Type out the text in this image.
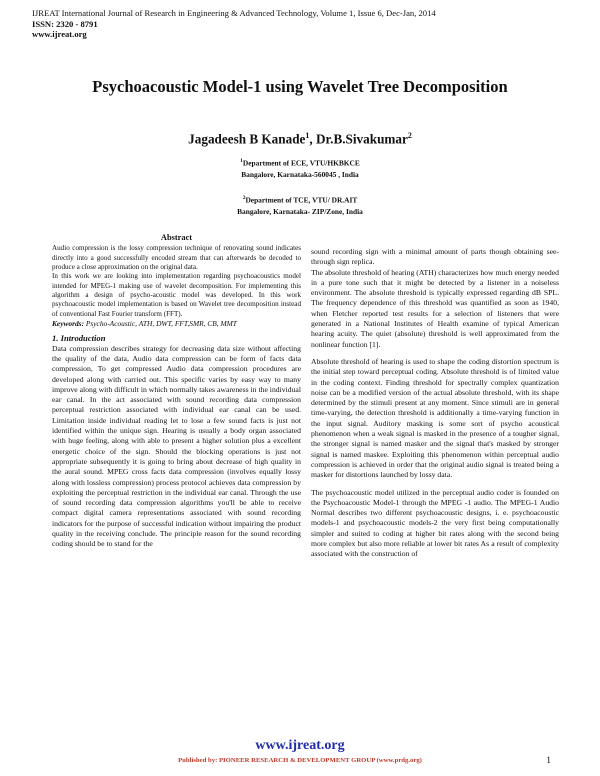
IJREAT International Journal of Research in Engineering & Advanced Technology, Volume 1, Issue 6, Dec-Jan, 2014
ISSN: 2320 - 8791
www.ijreat.org
Psychoacoustic Model-1 using Wavelet Tree Decomposition
Jagadeesh B Kanade$^1$, Dr.B.Sivakumar$^2$
$^1$Department of ECE, VTU/HKBKCE
Bangalore, Karnataka-560045 , India
$^2$Department of TCE, VTU/ DR.AIT
Bangalore, Karnataka- ZIP/Zone, India
Abstract

Audio compression is the lossy compression technique of renovating sound indicates directly into a good successfully encoded stream that can afterwards be decoded to produce a close approximation on the original data.

In this work we are looking into implementation regarding psychoacoustics model intended for MPEG-1 making use of wavelet decomposition. For implementing this algorithm a design of psycho-acoustic model was developed. In this work psychoacoustic model implementation is based on Wavelet tree decomposition instead of conventional Fast Fourier transform (FFT).

Keywords: Psycho-Acoustic, ATH, DWT, FFT,SMR, CB, MMT

1. Introduction

Data compression describes strategy for decreasing data size without affecting the quality of the data, Audio data compression can be form of facts data compression, To get compressed Audio data compression procedures are developed along with carried out. This specific varies by easy way to many improve along with difficult in which normally takes awareness in the individual ear canal. In the act associated with sound recording data compression perceptual restriction associated with individual ear canal can be used. Limitation inside individual reading let to lose a few sound facts is just not identified within the unique sign. Hearing is usually a body organ associated with huge feeling, along with able to present a higher solution plus a excellent energetic choice of the sign. Should the blocking operations is just not appropriate subsequently it is going to bring about decrease of high quality in the aural sound. MPEG cross facts data compression (involves equally lossy along with lossless compression) process protocol achieves data compression by exploiting the perceptual restriction in the individual ear canal. Through the use of sound recording data compression algorithms you'll be able to receive compact digital camera representations associated with sound recording indicators for the purpose of successful indication without impairing the product quality in the receiving conclude. The principle reason for the sound recording coding should be to stand for the

sound recording sign with a minimal amount of parts though obtaining see-through sign replica.

The absolute threshold of hearing (ATH) characterizes how much energy needed in a pure tone such that it might be detected by a listener in a noiseless environment. The absolute threshold is typically expressed regarding dB SPL. The frequency dependence of this threshold was quantified as soon as 1940, when Fletcher reported test results for a selection of listeners that were generated in a National Institutes of Health examine of typical American hearing acuity. The quiet (absolute) threshold is well approximated from the nonlinear function [1].

Absolute threshold of hearing is used to shape the coding distortion spectrum is the initial step toward perceptual coding. Absolute threshold is of limited value in the coding context. Finding threshold for spectrally complex quantization noise can be a modified version of the actual absolute threshold, with its shape determined by the stimuli present at any moment. Since stimuli are in general time-varying, the detection threshold is additionally a time-varying function in the input signal. Auditory masking is some sort of psycho acoustical phenomenon when a weak signal is masked in the presence of a tougher signal, the stronger signal is named masker and the signal that's masked by stronger signal is named maskee. Exploiting this phenomenon within perceptual audio compression is achieved in order that the original audio signal is treated being a masker for distortions launched by lossy data.

The psychoacoustic model utilized in the perceptual audio coder is founded on the Psychoacoustic Model-1 through the MPEG -1 audio. The MPEG-1 Audio Normal describes two different psychoacoustic designs, i. e. psychoacoustic models-1 and psychoacoustic models-2 the very first being computationally simpler and suited to coding at higher bit rates along with the second being more complex but also more reliable at lower bit rates As a result of complexity associated with the construction of

www.ijreat.org
Published by: PIONEER RESEARCH & DEVELOPMENT GROUP (www.prdg.org)	1
